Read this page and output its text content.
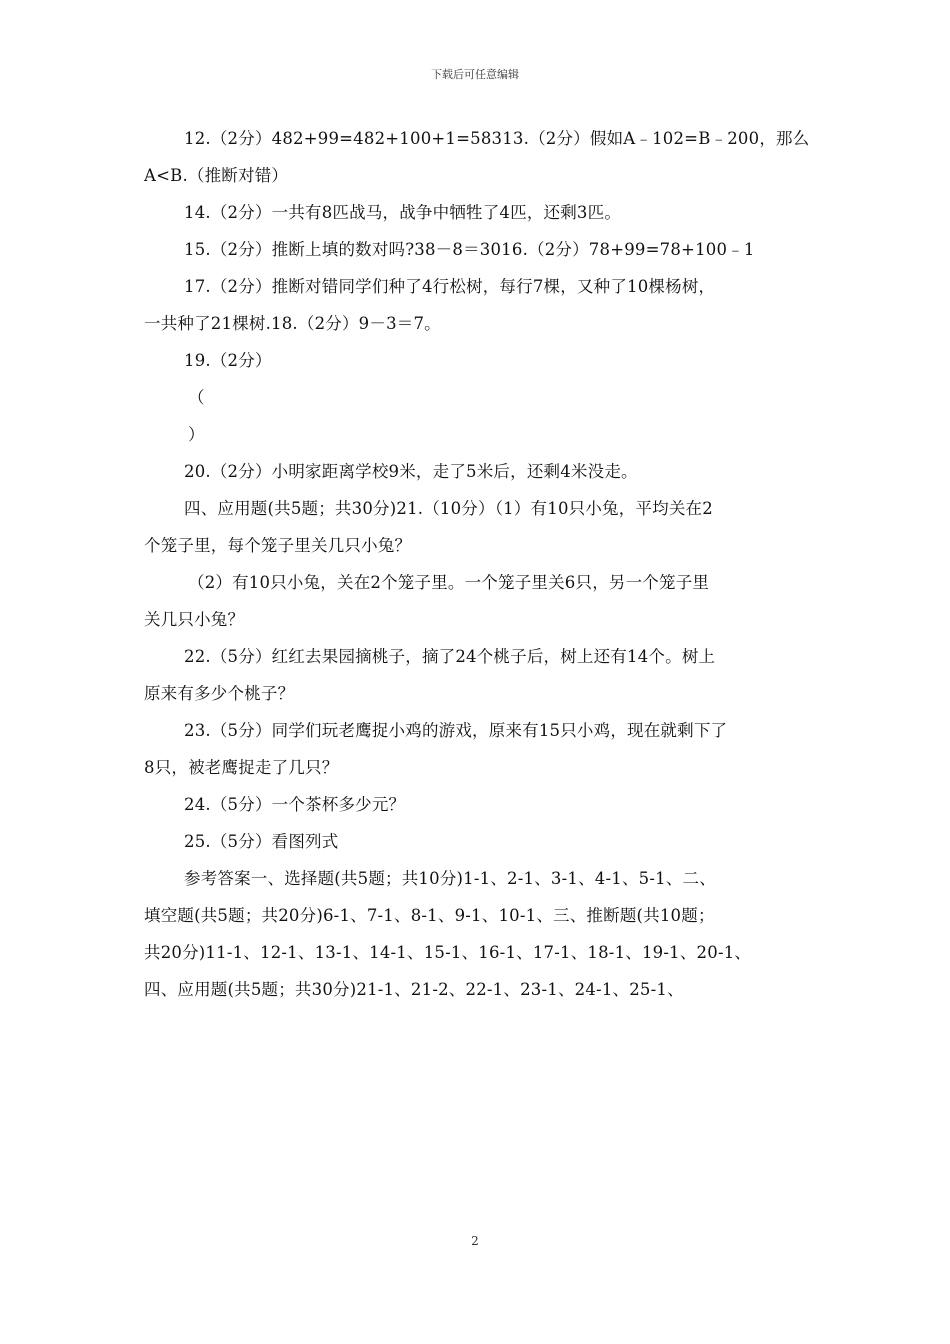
下载后可任意编辑

12.（2分）482+99=482+100+1=58313.（2分）假如A﹣102=B﹣200，那么

A<B.（推断对错）

14.（2分）一共有8匹战马，战争中牺牲了4匹，还剩3匹。

15.（2分）推断上填的数对吗?38－8＝3016.（2分）78+99=78+100﹣1

17.（2分）推断对错同学们种了4行松树，每行7棵，又种了10棵杨树，

一共种了21棵树.18.（2分）9－3＝7。

19.（2分）

（

）

20.（2分）小明家距离学校9米，走了5米后，还剩4米没走。

四、应用题(共5题；共30分)21.（10分）（1）有10只小兔，平均关在2

个笼子里，每个笼子里关几只小兔？

（2）有10只小兔，关在2个笼子里。一个笼子里关6只，另一个笼子里

关几只小兔？

22.（5分）红红去果园摘桃子，摘了24个桃子后，树上还有14个。树上

原来有多少个桃子？

23.（5分）同学们玩老鹰捉小鸡的游戏，原来有15只小鸡，现在就剩下了

8只，被老鹰捉走了几只？

24.（5分）一个茶杯多少元？

25.（5分）看图列式

参考答案一、选择题(共5题；共10分)1-1、2-1、3-1、4-1、5-1、二、

填空题(共5题；共20分)6-1、7-1、8-1、9-1、10-1、三、推断题(共10题；

共20分)11-1、12-1、13-1、14-1、15-1、16-1、17-1、18-1、19-1、20-1、

四、应用题(共5题；共30分)21-1、21-2、22-1、23-1、24-1、25-1、

2
